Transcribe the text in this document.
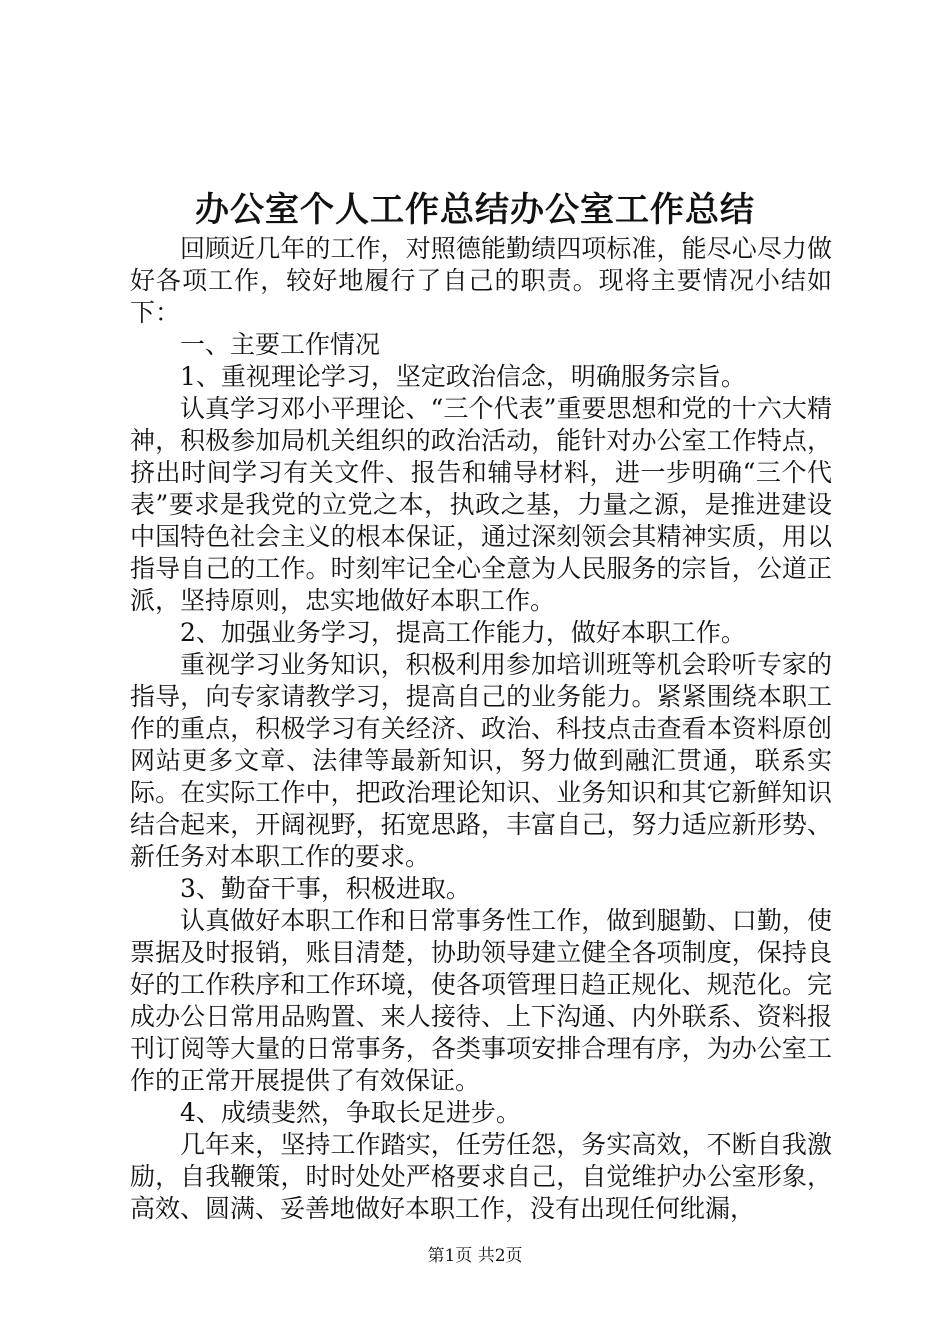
办公室个人工作总结办公室工作总结

回顾近几年的工作，对照德能勤绩四项标准，能尽心尽力做好各项工作，较好地履行了自己的职责。现将主要情况小结如下：

一、主要工作情况

1、重视理论学习，坚定政治信念，明确服务宗旨。

认真学习邓小平理论、“三个代表”重要思想和党的十六大精神，积极参加局机关组织的政治活动，能针对办公室工作特点，挤出时间学习有关文件、报告和辅导材料，进一步明确“三个代表”要求是我党的立党之本，执政之基，力量之源，是推进建设中国特色社会主义的根本保证，通过深刻领会其精神实质，用以指导自己的工作。时刻牢记全心全意为人民服务的宗旨，公道正派，坚持原则，忠实地做好本职工作。

2、加强业务学习，提高工作能力，做好本职工作。

重视学习业务知识，积极利用参加培训班等机会聆听专家的指导，向专家请教学习，提高自己的业务能力。紧紧围绕本职工作的重点，积极学习有关经济、政治、科技点击查看本资料原创网站更多文章、法律等最新知识，努力做到融汇贯通，联系实际。在实际工作中，把政治理论知识、业务知识和其它新鲜知识结合起来，开阔视野，拓宽思路，丰富自己，努力适应新形势、新任务对本职工作的要求。

3、勤奋干事，积极进取。

认真做好本职工作和日常事务性工作，做到腿勤、口勤，使票据及时报销，账目清楚，协助领导建立健全各项制度，保持良好的工作秩序和工作环境，使各项管理日趋正规化、规范化。完成办公日常用品购置、来人接待、上下沟通、内外联系、资料报刊订阅等大量的日常事务，各类事项安排合理有序，为办公室工作的正常开展提供了有效保证。

4、成绩斐然，争取长足进步。

几年来，坚持工作踏实，任劳任怨，务实高效，不断自我激励，自我鞭策，时时处处严格要求自己，自觉维护办公室形象，高效、圆满、妥善地做好本职工作，没有出现任何纰漏，

第1页 共2页
